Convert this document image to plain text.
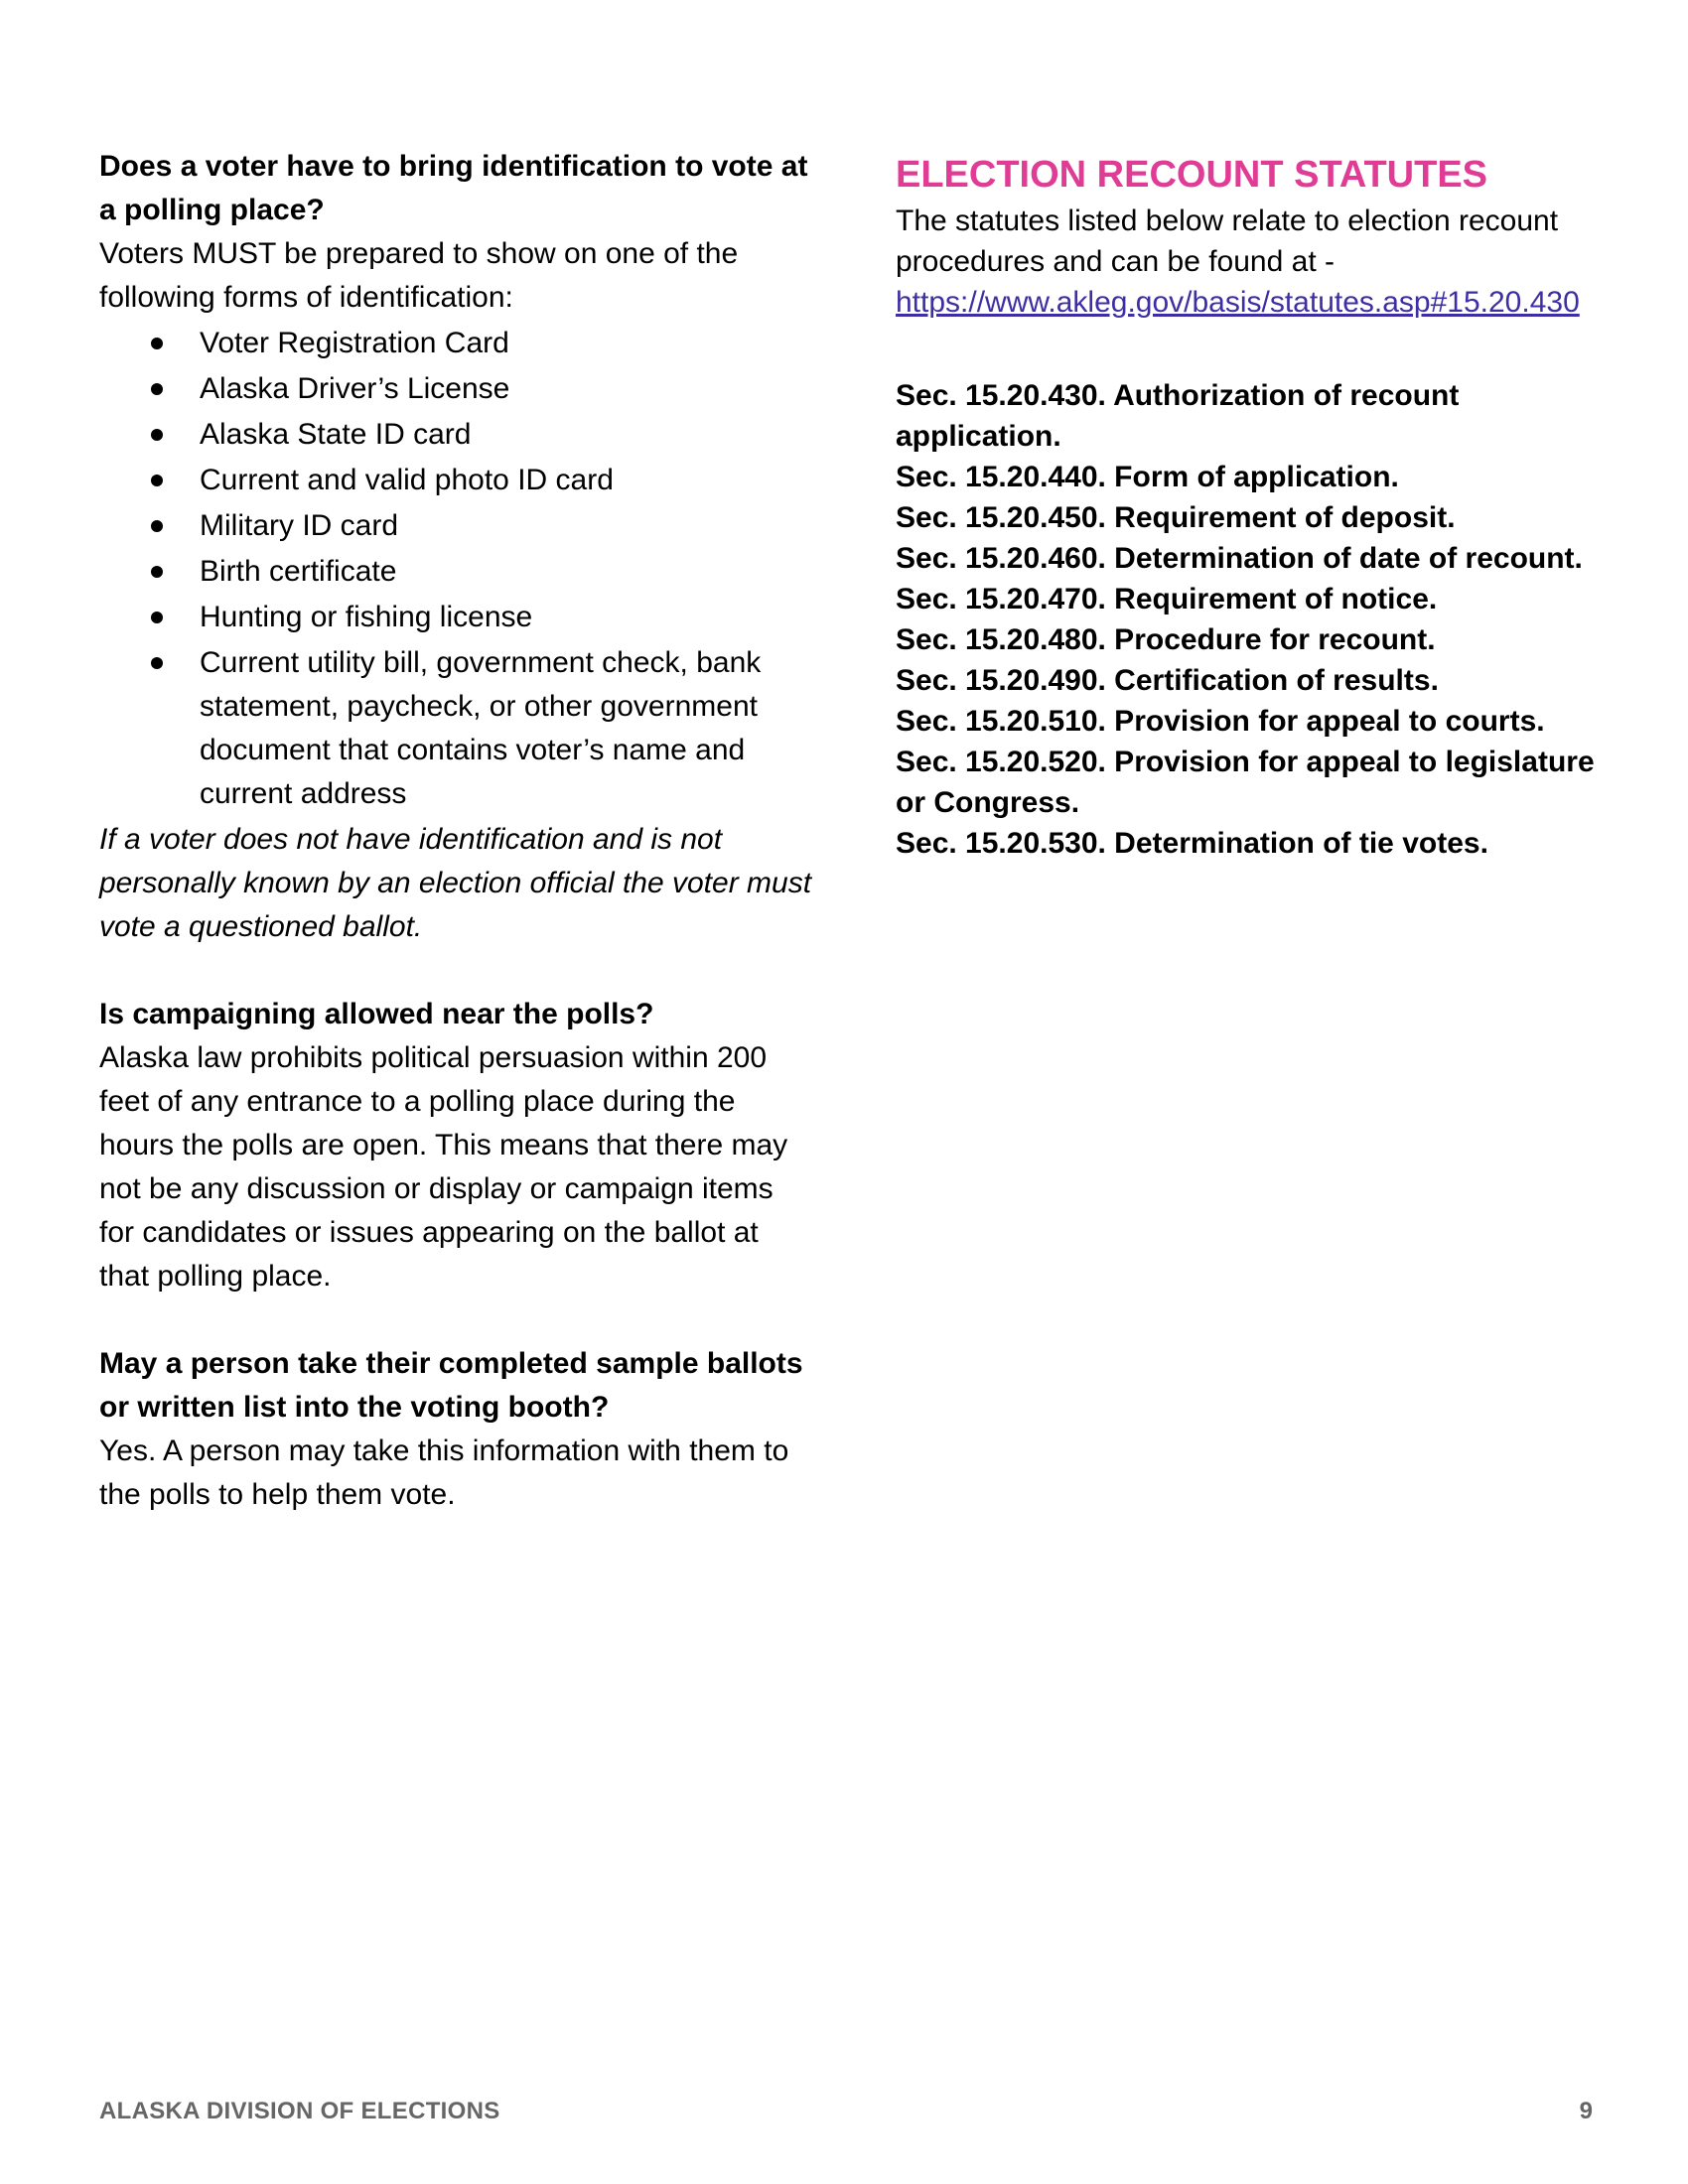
Does a voter have to bring identification to vote at a polling place?

Voters MUST be prepared to show on one of the following forms of identification:

Voter Registration Card
Alaska Driver’s License
Alaska State ID card
Current and valid photo ID card
Military ID card
Birth certificate
Hunting or fishing license
Current utility bill, government check, bank statement, paycheck, or other government document that contains voter’s name and current address

If a voter does not have identification and is not personally known by an election official the voter must vote a questioned ballot.

Is campaigning allowed near the polls?

Alaska law prohibits political persuasion within 200 feet of any entrance to a polling place during the hours the polls are open. This means that there may not be any discussion or display or campaign items for candidates or issues appearing on the ballot at that polling place.

May a person take their completed sample ballots or written list into the voting booth?

Yes. A person may take this information with them to the polls to help them vote.

ELECTION RECOUNT STATUTES

The statutes listed below relate to election recount procedures and can be found at -
https://www.akleg.gov/basis/statutes.asp#15.20.430

Sec. 15.20.430. Authorization of recount application.

Sec. 15.20.440. Form of application.

Sec. 15.20.450. Requirement of deposit.

Sec. 15.20.460. Determination of date of recount.

Sec. 15.20.470. Requirement of notice.

Sec. 15.20.480. Procedure for recount.

Sec. 15.20.490. Certification of results.

Sec. 15.20.510. Provision for appeal to courts.

Sec. 15.20.520. Provision for appeal to legislature or Congress.

Sec. 15.20.530. Determination of tie votes.

ALASKA DIVISION OF ELECTIONS	9
